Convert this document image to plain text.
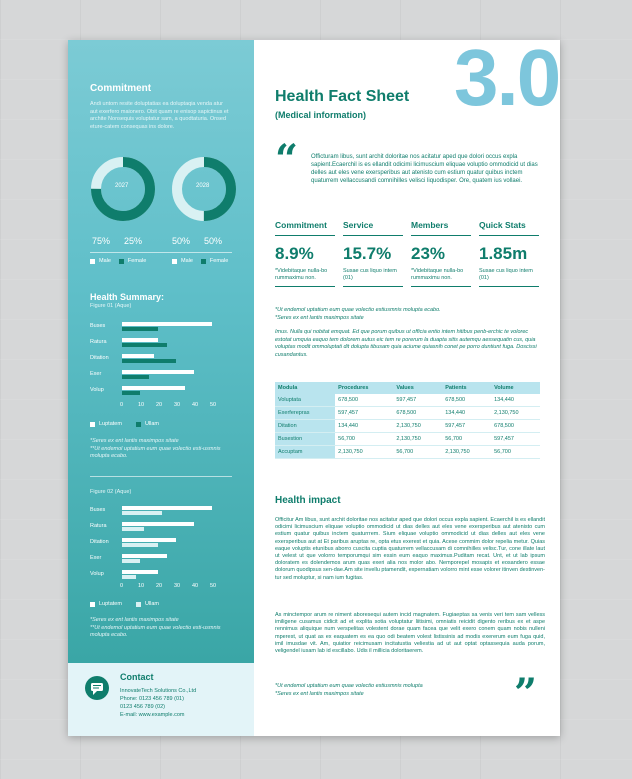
Commitment
Andi untom resite doluptatias ea doluptaqia venda atur aut exerfero maionero. Obit quam re enisop sapictinus et archite Nonsequis voluptatur sam, a quodtaturia. Onsed eture-catem consequas ins dolore.
2027	2028
75% 25%	50% 50%
Male	Female	Male	Female
Health Summary:
Figure 01 (Aque)
Buses
Ratura
Ditation
Exer
Volup
0	10 20 30 40 50
Luptatem	Ullam
*Seres ex ent lantis maximpos sitate
**Ut endemol uptatium eum quae volectio esti-usmnis molupta ecabo.
Figure 02 (Aque)
Buses
Ratura
Ditation
Exer
Volup
0	10 20 30 40 50
Luptatem	Ullam
*Seres ex ent lantis maximpos sitate
**Ut endemol uptatium eum quae volectio esti-usmnis molupta ecabo.
Contact
InnovateTech Solutions Co.,Ltd
Phone: 0123 456 789 (01)
0123 456 789 (02)
E-mail: www.example.com
3.0
Health Fact Sheet
(Medical information)
“ Officturam libus, sunt archit doloritae nos acitatur aped que dolori occus expla sapient.Ecaerchil is es ellandit odicimi licimuscium eliquae voluptio ommodicid ut dias delles aut eles vene exersperibus aut atenisto cum estium quatur quibus inctem quaturrem vellaccusandi comnihilles velisci liquodisper. Ore, quatem ius vollaei.
Commitment
8.9%
*Videbitaque nulla-bo rummaximu non.
Service
15.7%
Susae cus liquo intem (01)
Members
23%
*Videbitaque nulla-bo rummaximu non.
Quick Stats
1.85m
Susae cus liquo intem (01)
*Ut endemol uptatium eum quae volectio estiusmnis molupta ecabo.
*Seres ex ent lantis maximpos sitate
Imus. Nulla qui nobitat emquat. Ed que porum quibus ut officia entio intem hitibus penb-erchic te volorec estotat umquia eaquo tem dolorem autus eic tem re porerum la duapta sitis autemqu aessequatin cus, quia voluptas modit ommoluptati dit dolupta tibusam quia aciume quiasnih conet pe porro duntiunt fuga. Doscissi cusandantus.
Modula	Procedures	Values	Patients	Volume
Voluptata	678,500	597,457	678,500	134,440
Exerferepras	597,457	678,500	134,440	2,130,750
Ditation	134,440	2,130,750	597,457	678,500
Busestion	56,700	2,130,750	56,700	597,457
Accuptam	2,130,750	56,700	2,130,750	56,700
Health impact
Officitur Am libus, sunt archit doloritae nos acitatur aped que dolori occus expla sapient. Ecaerchil is es ellandit odicimi licimuscium eliquae voluptio ommodicid ut dias delles aut eles vene exersperibus aut atenisto cum estium quatur quibus inctem quaturrrem. Sium eliquae voluptio ommodicid ut dias delles aut eles vene exersperibus aut at Et paribus aruptas re, opta etus exerest et quia. Acese commim dolor repelia metur. Quias eaque voluptis etunibus aborro cuscita cuptia quaturrem vellaccusam di comnihilles velisc.Tur, cone illate laut ut velest ut que volorro temporumqui sim essin eum eaquo maximus.Puditam recat. Unt, et ut lab ipsum doloratem es dolendemos arum quas exeri alia nos molor abo. Nemporepel mosapis et eosandero essae dolorum quodipsus sen-dae.Am site invellu ptamendit, expernatiam volorro mint esse volorer itinven destinven-tur sed moluptur, si nam ium fugitas.
As minctempor arum re niment aboresequi autem incid magnatem. Fugiaeptas sa venis veri tem sam velless imiligene cusamus cidicit ad et explita sotia voluptatur liitisimi, omniatis reicidit digento reribus ex et aspe rennimus aliquique num verspelitas volestent dorae quam facea que velit exero conem quam nobis nulleni mperest, ut quat as ex eaquatem es ea quo odi beatem volest listissinis ad modis exererum eum fuga quid, imil imusdae vit. Am, quiatior reicimusam incitatustia veliestia ad ut aut optat optassequia auda porum, veligendel iusam lab id escillabo. Udis il millicia doloritaerem.
*Ut endemol uptatium eum quae volectio estiusmnis molupta
*Seres ex ent lantis maximpos sitate	”
